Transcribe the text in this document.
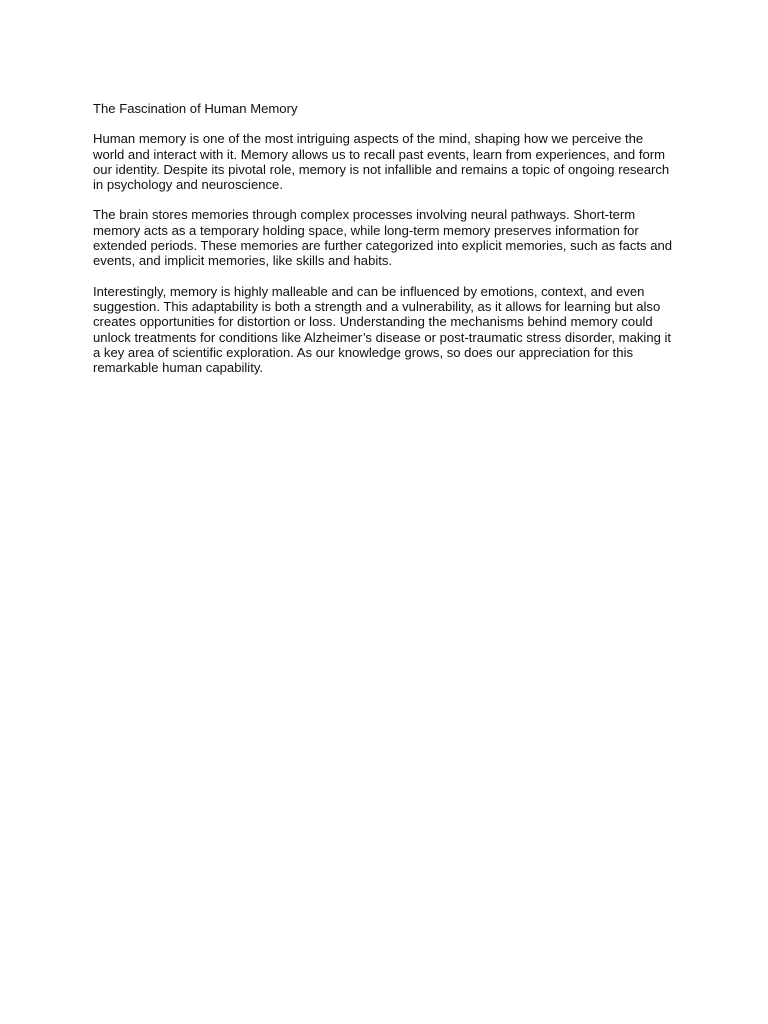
The Fascination of Human Memory

Human memory is one of the most intriguing aspects of the mind, shaping how we perceive the world and interact with it. Memory allows us to recall past events, learn from experiences, and form our identity. Despite its pivotal role, memory is not infallible and remains a topic of ongoing research in psychology and neuroscience.

The brain stores memories through complex processes involving neural pathways. Short-term memory acts as a temporary holding space, while long-term memory preserves information for extended periods. These memories are further categorized into explicit memories, such as facts and events, and implicit memories, like skills and habits.

Interestingly, memory is highly malleable and can be influenced by emotions, context, and even suggestion. This adaptability is both a strength and a vulnerability, as it allows for learning but also creates opportunities for distortion or loss. Understanding the mechanisms behind memory could unlock treatments for conditions like Alzheimer’s disease or post-traumatic stress disorder, making it a key area of scientific exploration. As our knowledge grows, so does our appreciation for this remarkable human capability.
